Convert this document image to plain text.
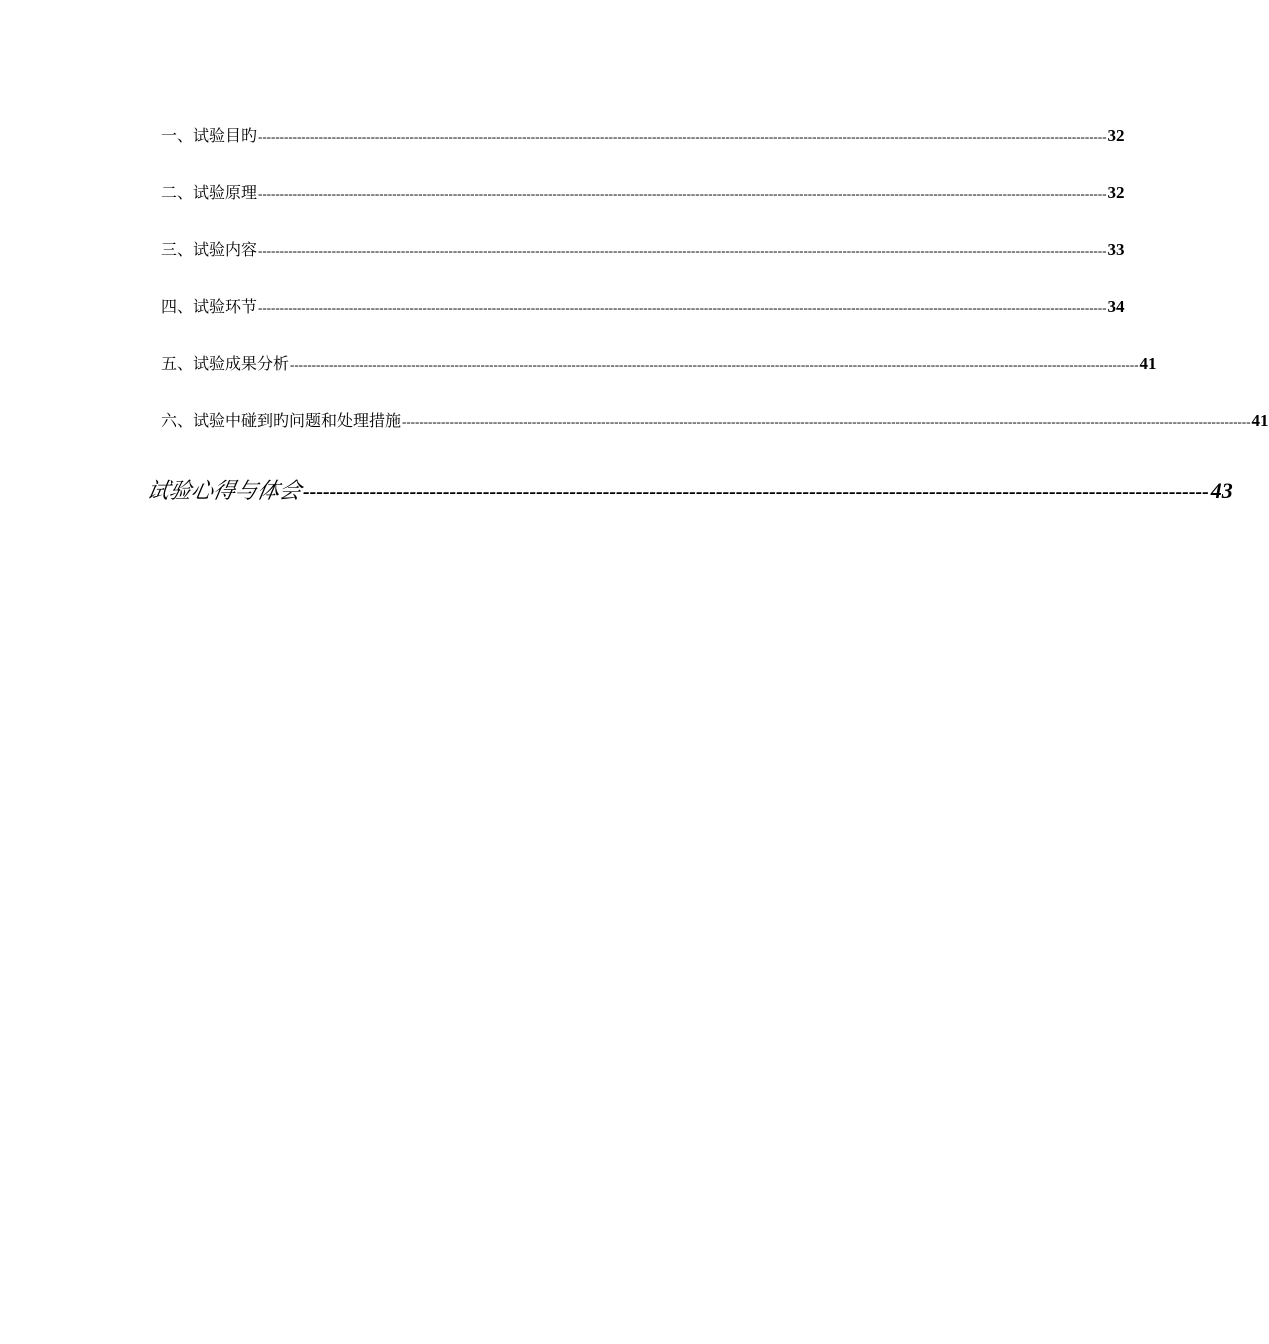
一、试验目旳 ---------------------------------------------------------------------------------------------------------------------------------------------------------------------------------------------------- 32
二、试验原理 ---------------------------------------------------------------------------------------------------------------------------------------------------------------------------------------------------- 32
三、试验内容 ---------------------------------------------------------------------------------------------------------------------------------------------------------------------------------------------------- 33
四、试验环节 ---------------------------------------------------------------------------------------------------------------------------------------------------------------------------------------------------- 34
五、试验成果分析 ---------------------------------------------------------------------------------------------------------------------------------------------------------------------------------------------------- 41
六、试验中碰到旳问题和处理措施 ---------------------------------------------------------------------------------------------------------------------------------------------------------------------------------------------------- 41
试验心得与体会 ---------------------------------------------------------------------------------------------------------------------------------------- 43
